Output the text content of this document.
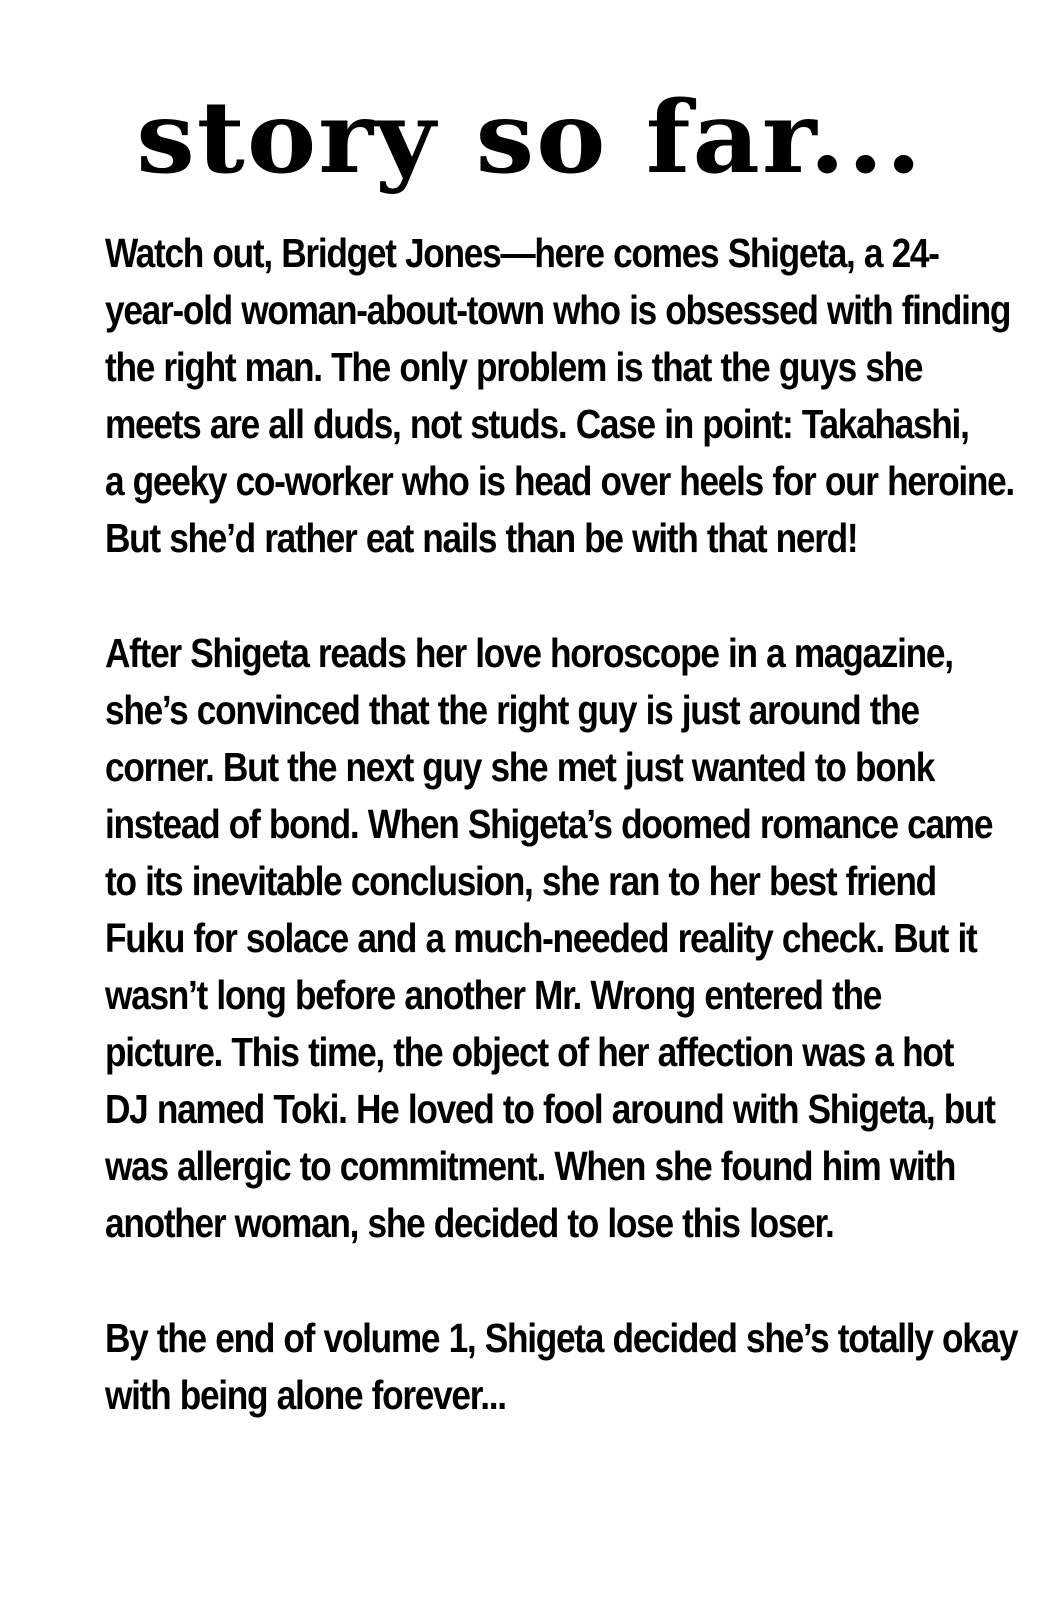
story so far...

Watch out, Bridget Jones—here comes Shigeta, a 24-
year-old woman-about-town who is obsessed with finding
the right man. The only problem is that the guys she
meets are all duds, not studs. Case in point: Takahashi,
a geeky co-worker who is head over heels for our heroine.
But she’d rather eat nails than be with that nerd!

After Shigeta reads her love horoscope in a magazine,
she’s convinced that the right guy is just around the
corner. But the next guy she met just wanted to bonk
instead of bond. When Shigeta’s doomed romance came
to its inevitable conclusion, she ran to her best friend
Fuku for solace and a much-needed reality check. But it
wasn’t long before another Mr. Wrong entered the
picture. This time, the object of her affection was a hot
DJ named Toki. He loved to fool around with Shigeta, but
was allergic to commitment. When she found him with
another woman, she decided to lose this loser.

By the end of volume 1, Shigeta decided she’s totally okay
with being alone forever...
